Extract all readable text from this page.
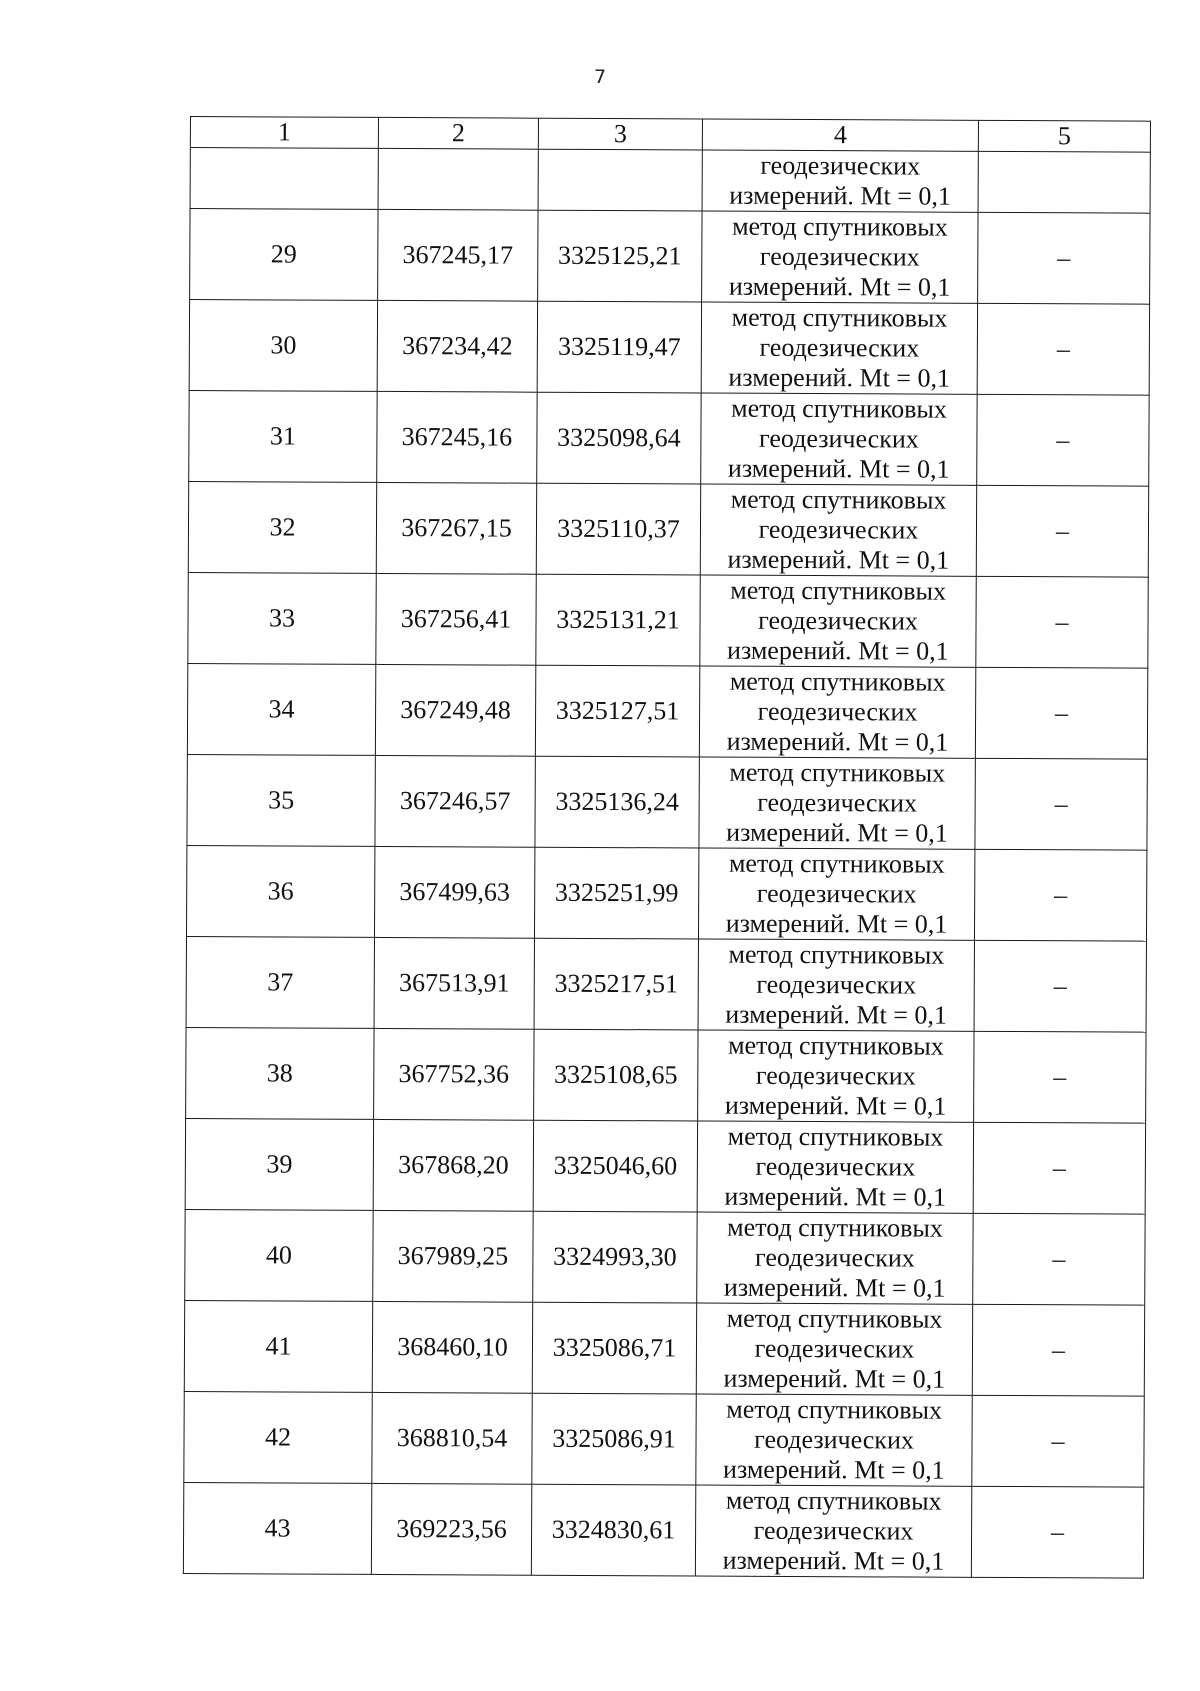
7
1	2	3	4	5

			геодезических
измерений. Mt = 0,1	

29	367245,17	3325125,21	метод спутниковых
геодезических
измерений. Mt = 0,1	–
30	367234,42	3325119,47	метод спутниковых
геодезических
измерений. Mt = 0,1	–
31	367245,16	3325098,64	метод спутниковых
геодезических
измерений. Mt = 0,1	–
32	367267,15	3325110,37	метод спутниковых
геодезических
измерений. Mt = 0,1	–
33	367256,41	3325131,21	метод спутниковых
геодезических
измерений. Mt = 0,1	–
34	367249,48	3325127,51	метод спутниковых
геодезических
измерений. Mt = 0,1	–
35	367246,57	3325136,24	метод спутниковых
геодезических
измерений. Mt = 0,1	–
36	367499,63	3325251,99	метод спутниковых
геодезических
измерений. Mt = 0,1	–
37	367513,91	3325217,51	метод спутниковых
геодезических
измерений. Mt = 0,1	–
38	367752,36	3325108,65	метод спутниковых
геодезических
измерений. Mt = 0,1	–
39	367868,20	3325046,60	метод спутниковых
геодезических
измерений. Mt = 0,1	–
40	367989,25	3324993,30	метод спутниковых
геодезических
измерений. Mt = 0,1	–
41	368460,10	3325086,71	метод спутниковых
геодезических
измерений. Mt = 0,1	–
42	368810,54	3325086,91	метод спутниковых
геодезических
измерений. Mt = 0,1	–
43	369223,56	3324830,61	метод спутниковых
геодезических
измерений. Mt = 0,1	–
